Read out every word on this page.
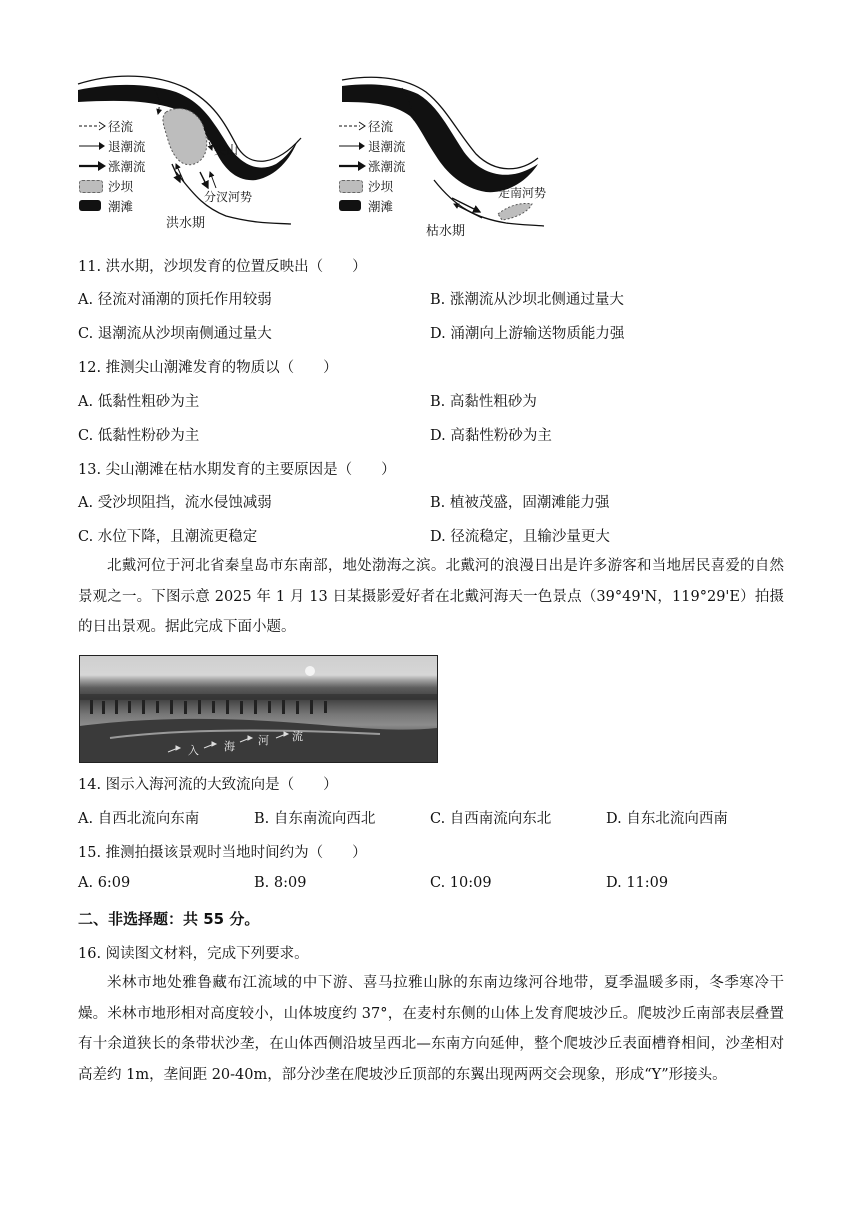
径流
退潮流
涨潮流
沙坝
潮滩
尖山
分汊河势
洪水期
径流
退潮流
涨潮流
沙坝
潮滩
走南河势
枯水期
11. 洪水期，沙坝发育的位置反映出（　　）
A. 径流对涌潮的顶托作用较弱	B. 涨潮流从沙坝北侧通过量大
C. 退潮流从沙坝南侧通过量大	D. 涌潮向上游输送物质能力强
12. 推测尖山潮滩发育的物质以（　　）
A. 低黏性粗砂为主	B. 高黏性粗砂为
C. 低黏性粉砂为主	D. 高黏性粉砂为主
13. 尖山潮滩在枯水期发育的主要原因是（　　）
A. 受沙坝阻挡，流水侵蚀减弱	B. 植被茂盛，固潮滩能力强
C. 水位下降，且潮流更稳定	D. 径流稳定，且输沙量更大
北戴河位于河北省秦皇岛市东南部，地处渤海之滨。北戴河的浪漫日出是许多游客和当地居民喜爱的自然景观之一。下图示意 2025 年 1 月 13 日某摄影爱好者在北戴河海天一色景点（39°49'N，119°29'E）拍摄的日出景观。据此完成下面小题。
入 海 河 流
14. 图示入海河流的大致流向是（　　）
A. 自西北流向东南	B. 自东南流向西北	C. 自西南流向东北	D. 自东北流向西南
15. 推测拍摄该景观时当地时间约为（　　）
A. 6:09	B. 8:09	C. 10:09	D. 11:09
二、非选择题：共 55 分。
16. 阅读图文材料，完成下列要求。
米林市地处雅鲁藏布江流域的中下游、喜马拉雅山脉的东南边缘河谷地带，夏季温暖多雨，冬季寒冷干燥。米林市地形相对高度较小，山体坡度约 37°，在麦村东侧的山体上发育爬坡沙丘。爬坡沙丘南部表层叠置有十余道狭长的条带状沙垄，在山体西侧沿坡呈西北—东南方向延伸，整个爬坡沙丘表面槽脊相间，沙垄相对高差约 1m，垄间距 20-40m，部分沙垄在爬坡沙丘顶部的东翼出现两两交会现象，形成“Y”形接头。
